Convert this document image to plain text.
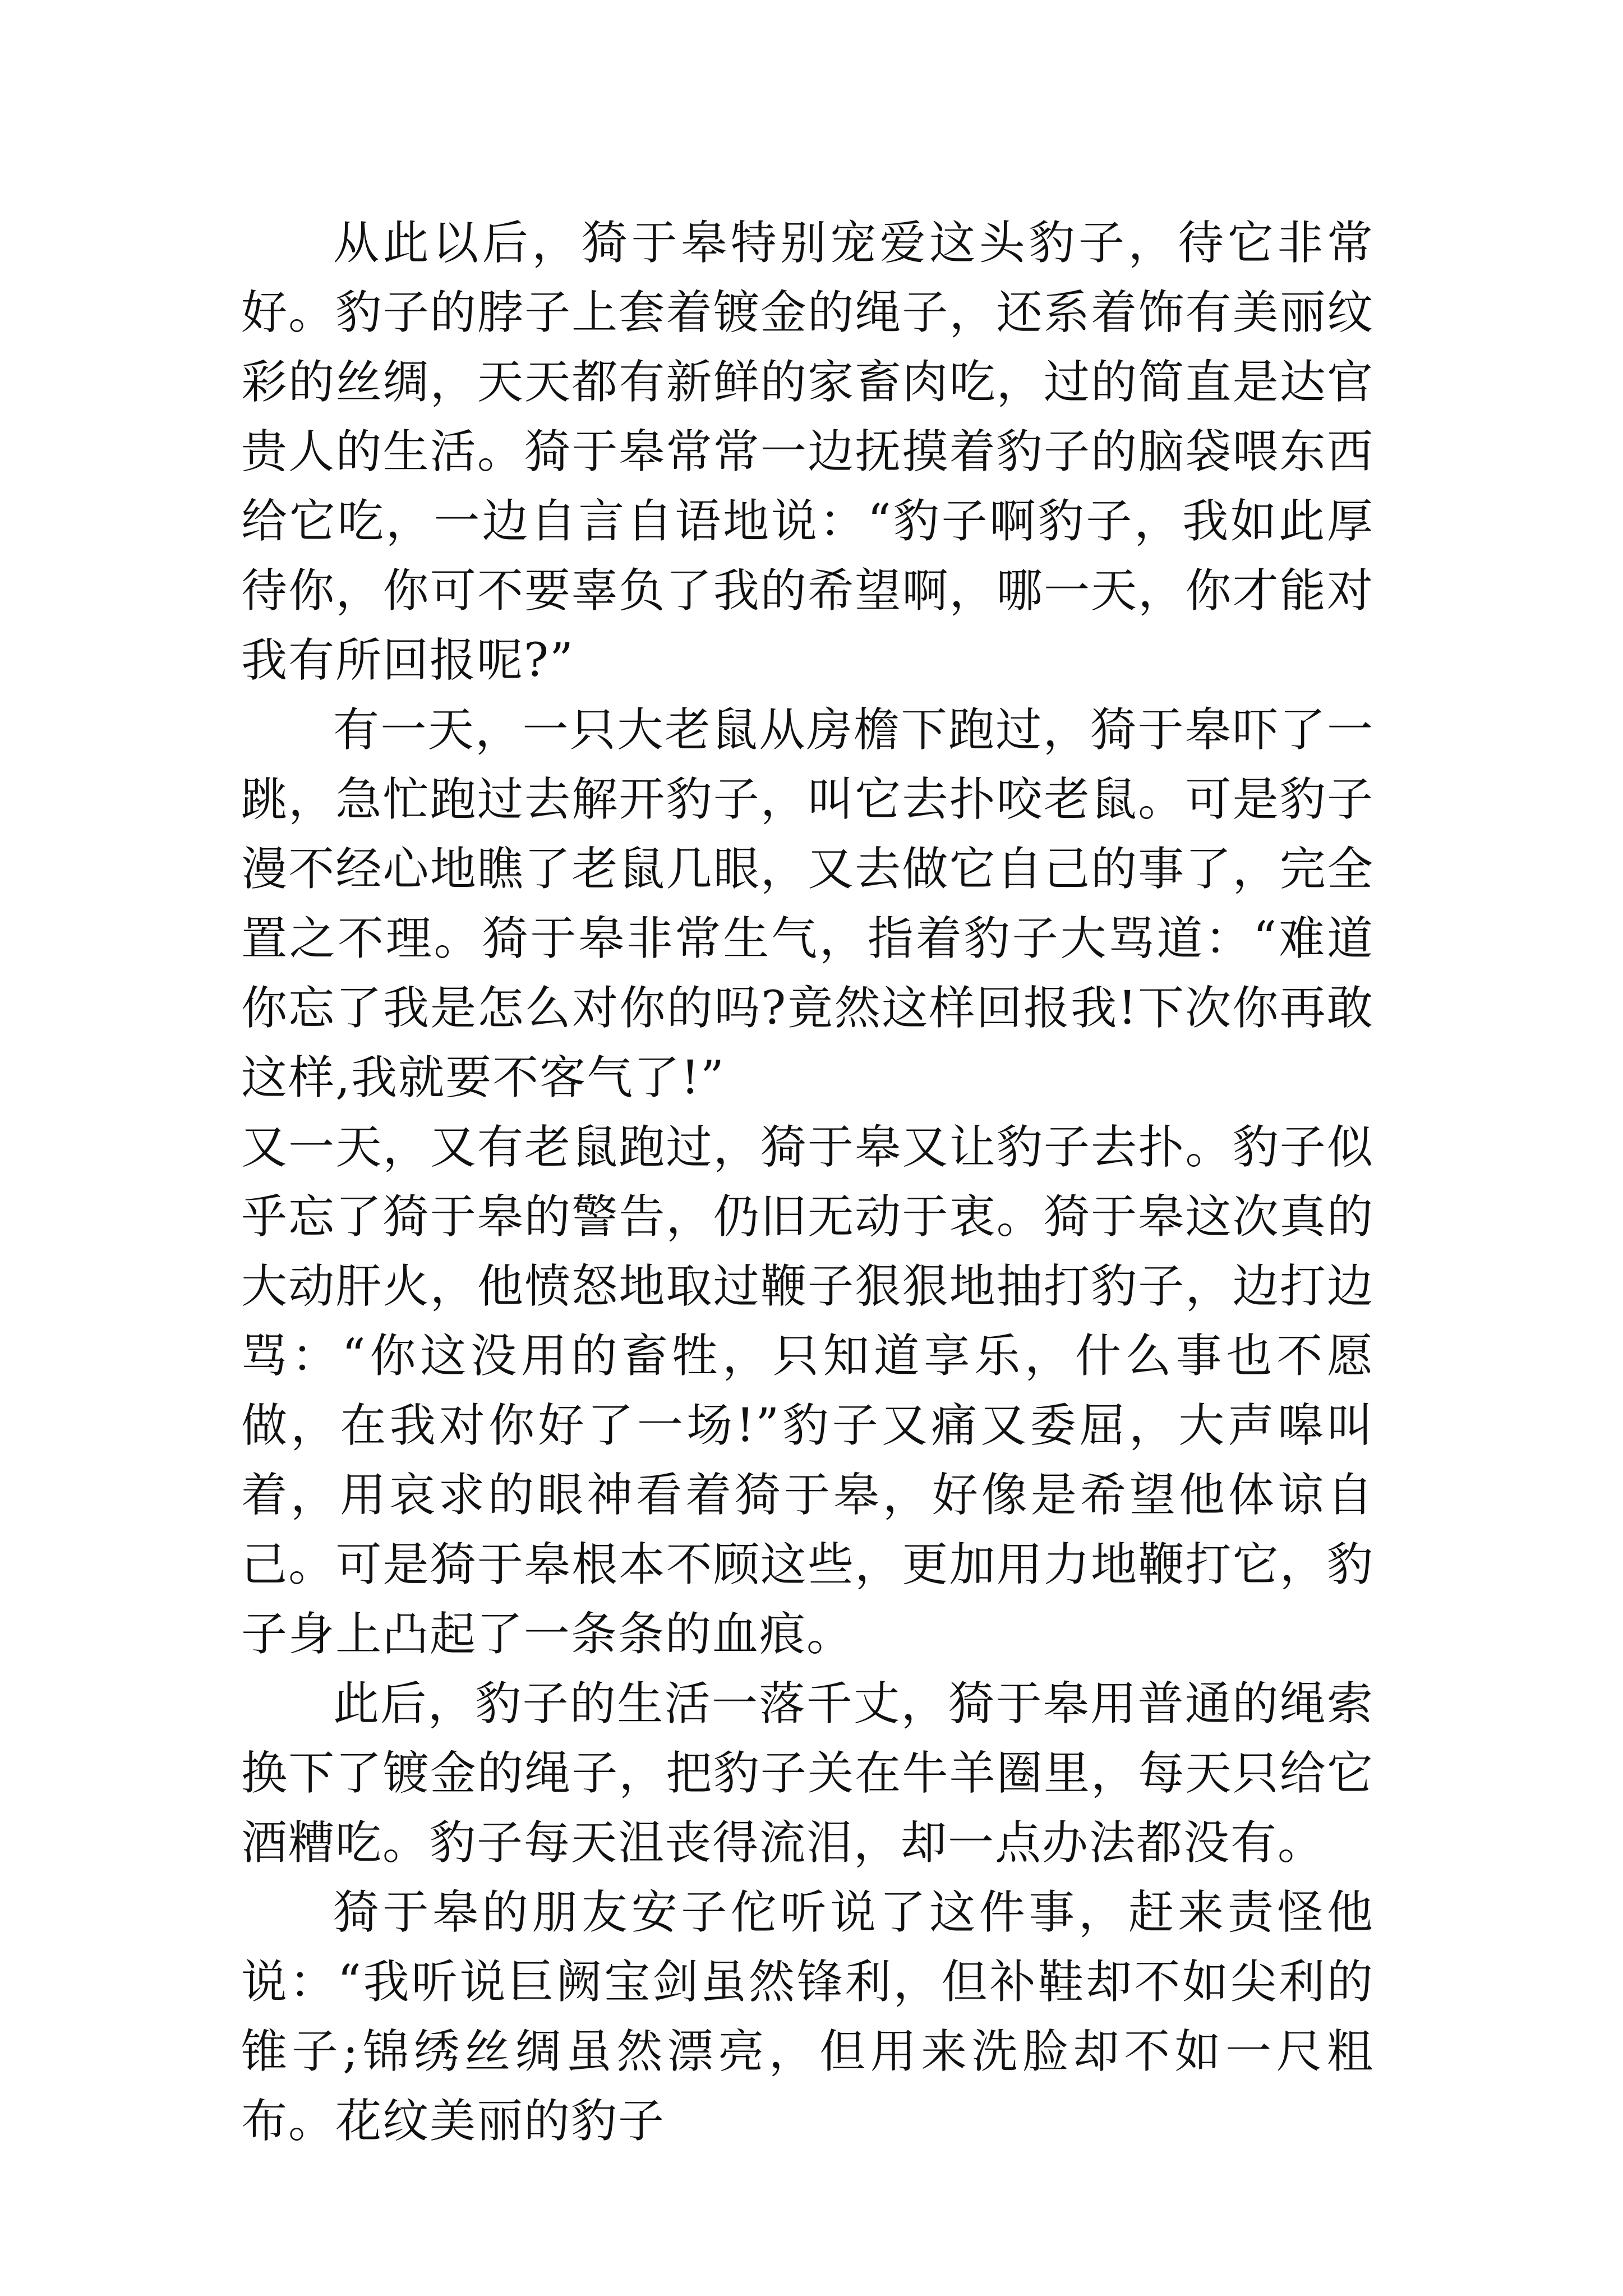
从此以后，猗于皋特别宠爱这头豹子，待它非常好。豹子的脖子上套着镀金的绳子，还系着饰有美丽纹彩的丝绸，天天都有新鲜的家畜肉吃，过的简直是达官贵人的生活。猗于皋常常一边抚摸着豹子的脑袋喂东西给它吃，一边自言自语地说：“豹子啊豹子，我如此厚待你，你可不要辜负了我的希望啊，哪一天，你才能对我有所回报呢?”

有一天，一只大老鼠从房檐下跑过，猗于皋吓了一跳，急忙跑过去解开豹子，叫它去扑咬老鼠。可是豹子漫不经心地瞧了老鼠几眼，又去做它自己的事了，完全置之不理。猗于皋非常生气，指着豹子大骂道：“难道你忘了我是怎么对你的吗?竟然这样回报我!下次你再敢这样,我就要不客气了!”

又一天，又有老鼠跑过，猗于皋又让豹子去扑。豹子似乎忘了猗于皋的警告，仍旧无动于衷。猗于皋这次真的大动肝火，他愤怒地取过鞭子狠狠地抽打豹子，边打边骂：“你这没用的畜牲，只知道享乐，什么事也不愿做，在我对你好了一场!”豹子又痛又委屈，大声嗥叫着，用哀求的眼神看着猗于皋，好像是希望他体谅自己。可是猗于皋根本不顾这些，更加用力地鞭打它，豹子身上凸起了一条条的血痕。

此后，豹子的生活一落千丈，猗于皋用普通的绳索换下了镀金的绳子，把豹子关在牛羊圈里，每天只给它酒糟吃。豹子每天沮丧得流泪，却一点办法都没有。

猗于皋的朋友安子佗听说了这件事，赶来责怪他说：“我听说巨阙宝剑虽然锋利，但补鞋却不如尖利的锥子;锦绣丝绸虽然漂亮，但用来洗脸却不如一尺粗布。花纹美丽的豹子
